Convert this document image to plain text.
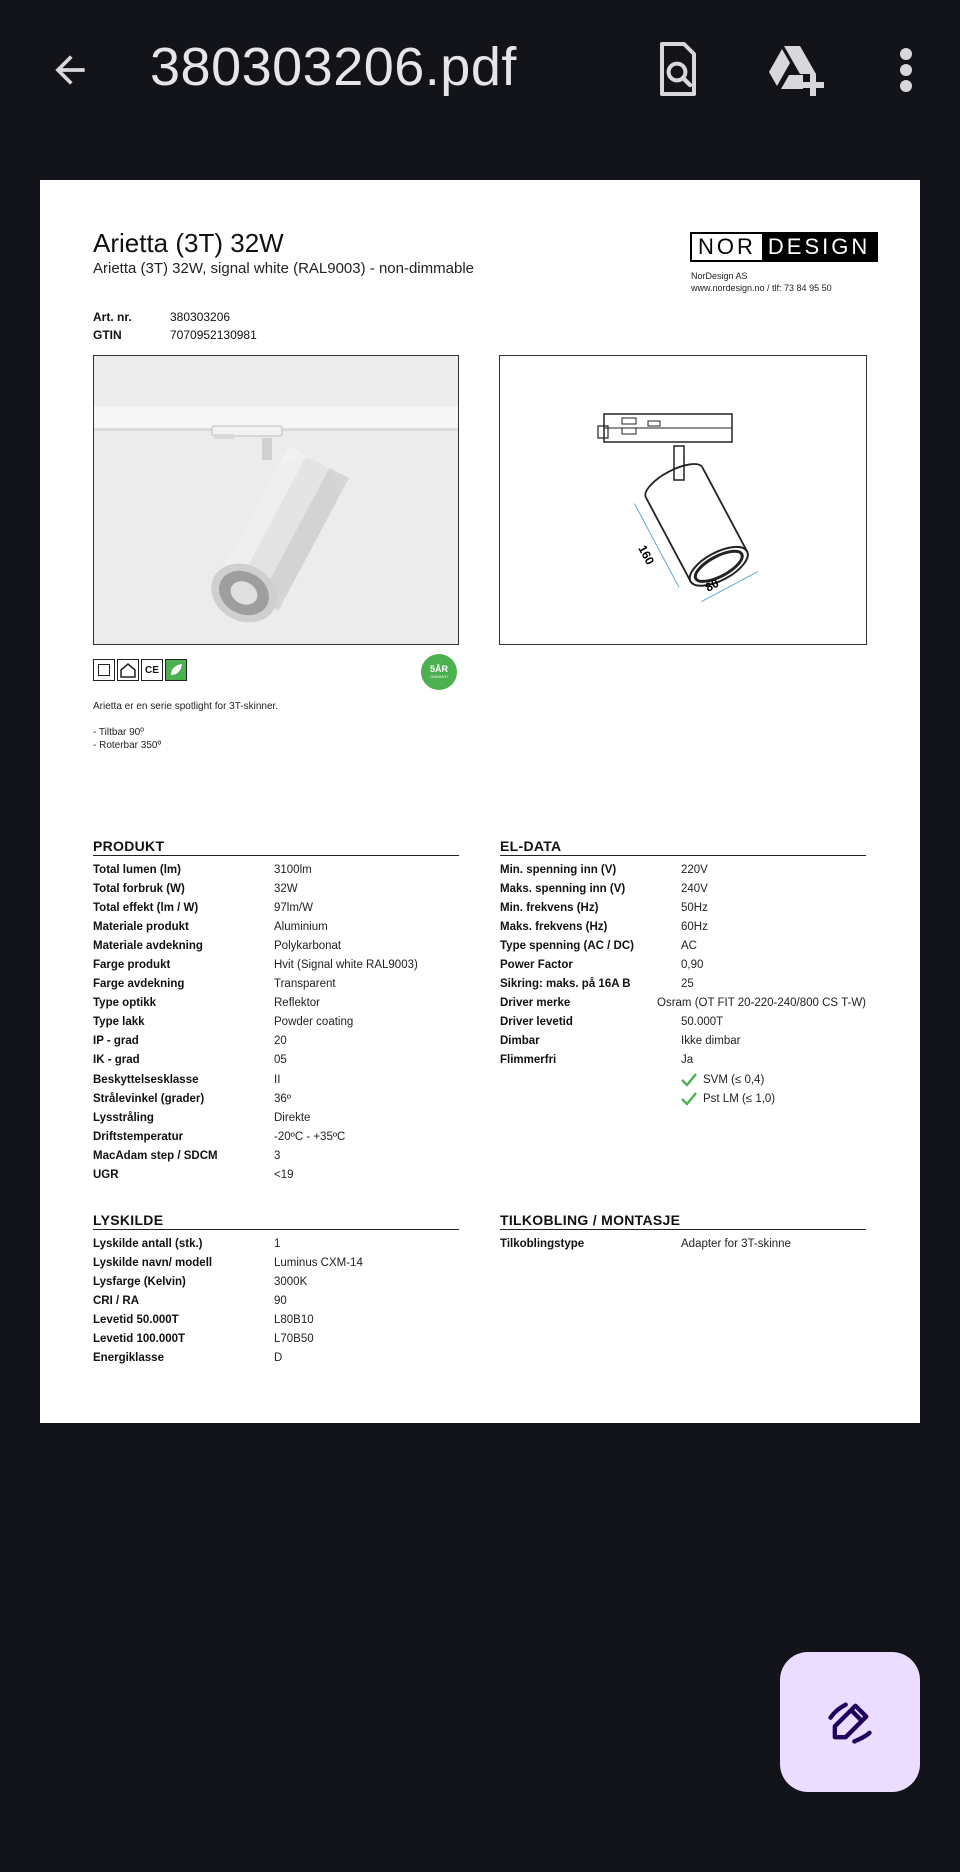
380303206.pdf
Arietta (3T) 32W
Arietta (3T) 32W, signal white (RAL9003) - non-dimmable
NOR DESIGN
NorDesign AS
www.nordesign.no / tlf: 73 84 95 50
Art. nr.	380303206
GTIN	7070952130981
160
80
CE	5ÅR
GARANTI
Arietta er en serie spotlight for 3T-skinner.
- Tiltbar 90º
- Roterbar 350º
PRODUKT
Total lumen (lm)	3100lm
Total forbruk (W)	32W
Total effekt (lm / W)	97lm/W
Materiale produkt	Aluminium
Materiale avdekning	Polykarbonat
Farge produkt	Hvit (Signal white RAL9003)
Farge avdekning	Transparent
Type optikk	Reflektor
Type lakk	Powder coating
IP - grad	20
IK - grad	05
Beskyttelsesklasse	II
Strålevinkel (grader)	36º
Lysstråling	Direkte
Driftstemperatur	-20ºC - +35ºC
MacAdam step / SDCM	3
UGR	<19
EL-DATA
Min. spenning inn (V)	220V
Maks. spenning inn (V)	240V
Min. frekvens (Hz)	50Hz
Maks. frekvens (Hz)	60Hz
Type spenning (AC / DC)	AC
Power Factor	0,90
Sikring: maks. på 16A B	25
Driver merke	Osram (OT FIT 20-220-240/800 CS T-W)
Driver levetid	50.000T
Dimbar	Ikke dimbar
Flimmerfri	Ja
SVM (≤ 0,4)
Pst LM (≤ 1,0)
LYSKILDE
Lyskilde antall (stk.)	1
Lyskilde navn/ modell	Luminus CXM-14
Lysfarge (Kelvin)	3000K
CRI / RA	90
Levetid 50.000T	L80B10
Levetid 100.000T	L70B50
Energiklasse	D
TILKOBLING / MONTASJE
Tilkoblingstype	Adapter for 3T-skinne
